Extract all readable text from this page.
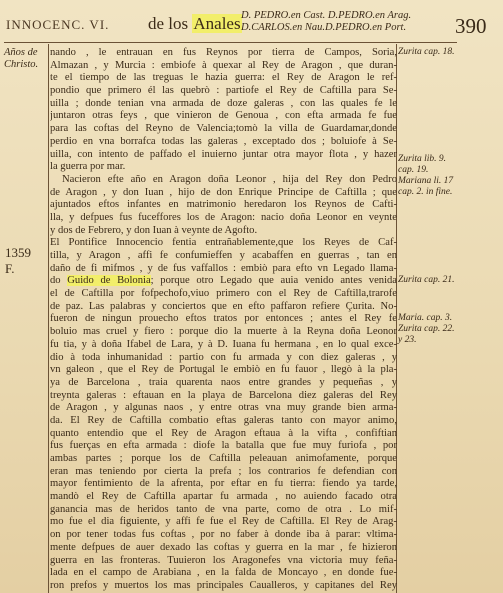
INNOCENC. VI. de los Anales D. PEDRO.en Cast. D.PEDRO.en Arag.
D.CARLOS.en Nau.D.PEDRO.en Port. 390
Años de
Christo.
1359
F.
Zurita cap. 18.
Zurita lib. 9.
cap. 19.
Mariana li. 17
cap. 2. in fine.
Zurita cap. 21.
Maria. cap. 3.
Zurita cap. 22.
y 23.
nando , le entrauan en fus Reynos por tierra de Campos, Soria,
Almazan , y Murcia : embiofe à quexar al Rey de Aragon , que duran-
te el tiempo de las treguas le hazia guerra: el Rey de Aragon le ref-
pondio que primero él las quebrò : partiofe el Rey de Caftilla para Se-
uilla ; donde tenian vna armada de doze galeras , con las quales fe le
juntaron otras feys , que vinieron de Genoua , con efta armada fe fue
para las coftas del Reyno de Valencia;tomò la villa de Guardamar,donde
perdio en vna borrafca todas las galeras , exceptado dos ; boluiofe à Se-
uilla, con intento de paffado el inuierno juntar otra mayor flota , y hazer
la guerra por mar.
Nacieron efte año en Aragon doña Leonor , hija del Rey don Pedro
de Aragon , y don Iuan , hijo de don Enrique Principe de Caftilla ; que
ajuntados eftos infantes en matrimonio heredaron los Reynos de Cafti-
lla, y defpues fus fuceffores los de Aragon: nacio doña Leonor en veynte
y dos de Febrero, y don Iuan à veynte de Agofto.
El Pontifice Innocencio fentia entrañablemente,que los Reyes de Caf-
tilla, y Aragon , affi fe confumieffen y acabaffen en guerras , tan en
daño de fi mifmos , y de fus vaffallos : embiò para efto vn Legado llama-
do Guido de Bolonia; porque otro Legado que auia venido antes venida
el de Caftilla por fofpechofo,viuo primero con el Rey de Caftilla,trarofe
de paz. Las palabras y conciertos que en efto paffaron refiere Çurita. No-
fueron de ningun prouecho eftos tratos por entonces ; antes el Rey fe
boluio mas cruel y fiero : porque dio la muerte à la Reyna doña Leonor
fu tia, y à doña Ifabel de Lara, y à D. Iuana fu hermana , en lo qual exce-
dio à toda inhumanidad : partio con fu armada y con diez galeras , y
vn galeon , que el Rey de Portugal le embiò en fu fauor , llegò à la pla-
ya de Barcelona , traia quarenta naos entre grandes y pequeñas , y
treynta galeras : eftauan en la playa de Barcelona diez galeras del Rey
de Aragon , y algunas naos , y entre otras vna muy grande bien arma-
da. El Rey de Caftilla combatio eftas galeras tanto con mayor animo,
quanto entendio que el Rey de Aragon eftaua à la vifta , confiftian
fus fuerças en efta armada : diofe la batalla que fue muy furiofa , por
ambas partes ; porque los de Caftilla peleauan animofamente, porque
eran mas teniendo por cierta la prefa ; los contrarios fe defendian con
mayor fentimiento de la afrenta, por eftar en fu tierra: fiendo ya tarde,
mandò el Rey de Caftilla apartar fu armada , no auiendo facado otra
ganancia mas de heridos tanto de vna parte, como de otra . Lo mif-
mo fue el dia figuiente, y affi fe fue el Rey de Caftilla. El Rey de Arag-
on por tener todas fus coftas , por no faber à donde iba à parar: vltima-
mente defpues de auer dexado las coftas y guerra en la mar , fe hizieron
guerra en las fronteras. Tuuieron los Aragonefes vna victoria muy feña-
lada en el campo de Arabiana , en la falda de Moncayo , en donde fue-
ron prefos y muertos los mas principales Caualleros, y capitanes del Rey
